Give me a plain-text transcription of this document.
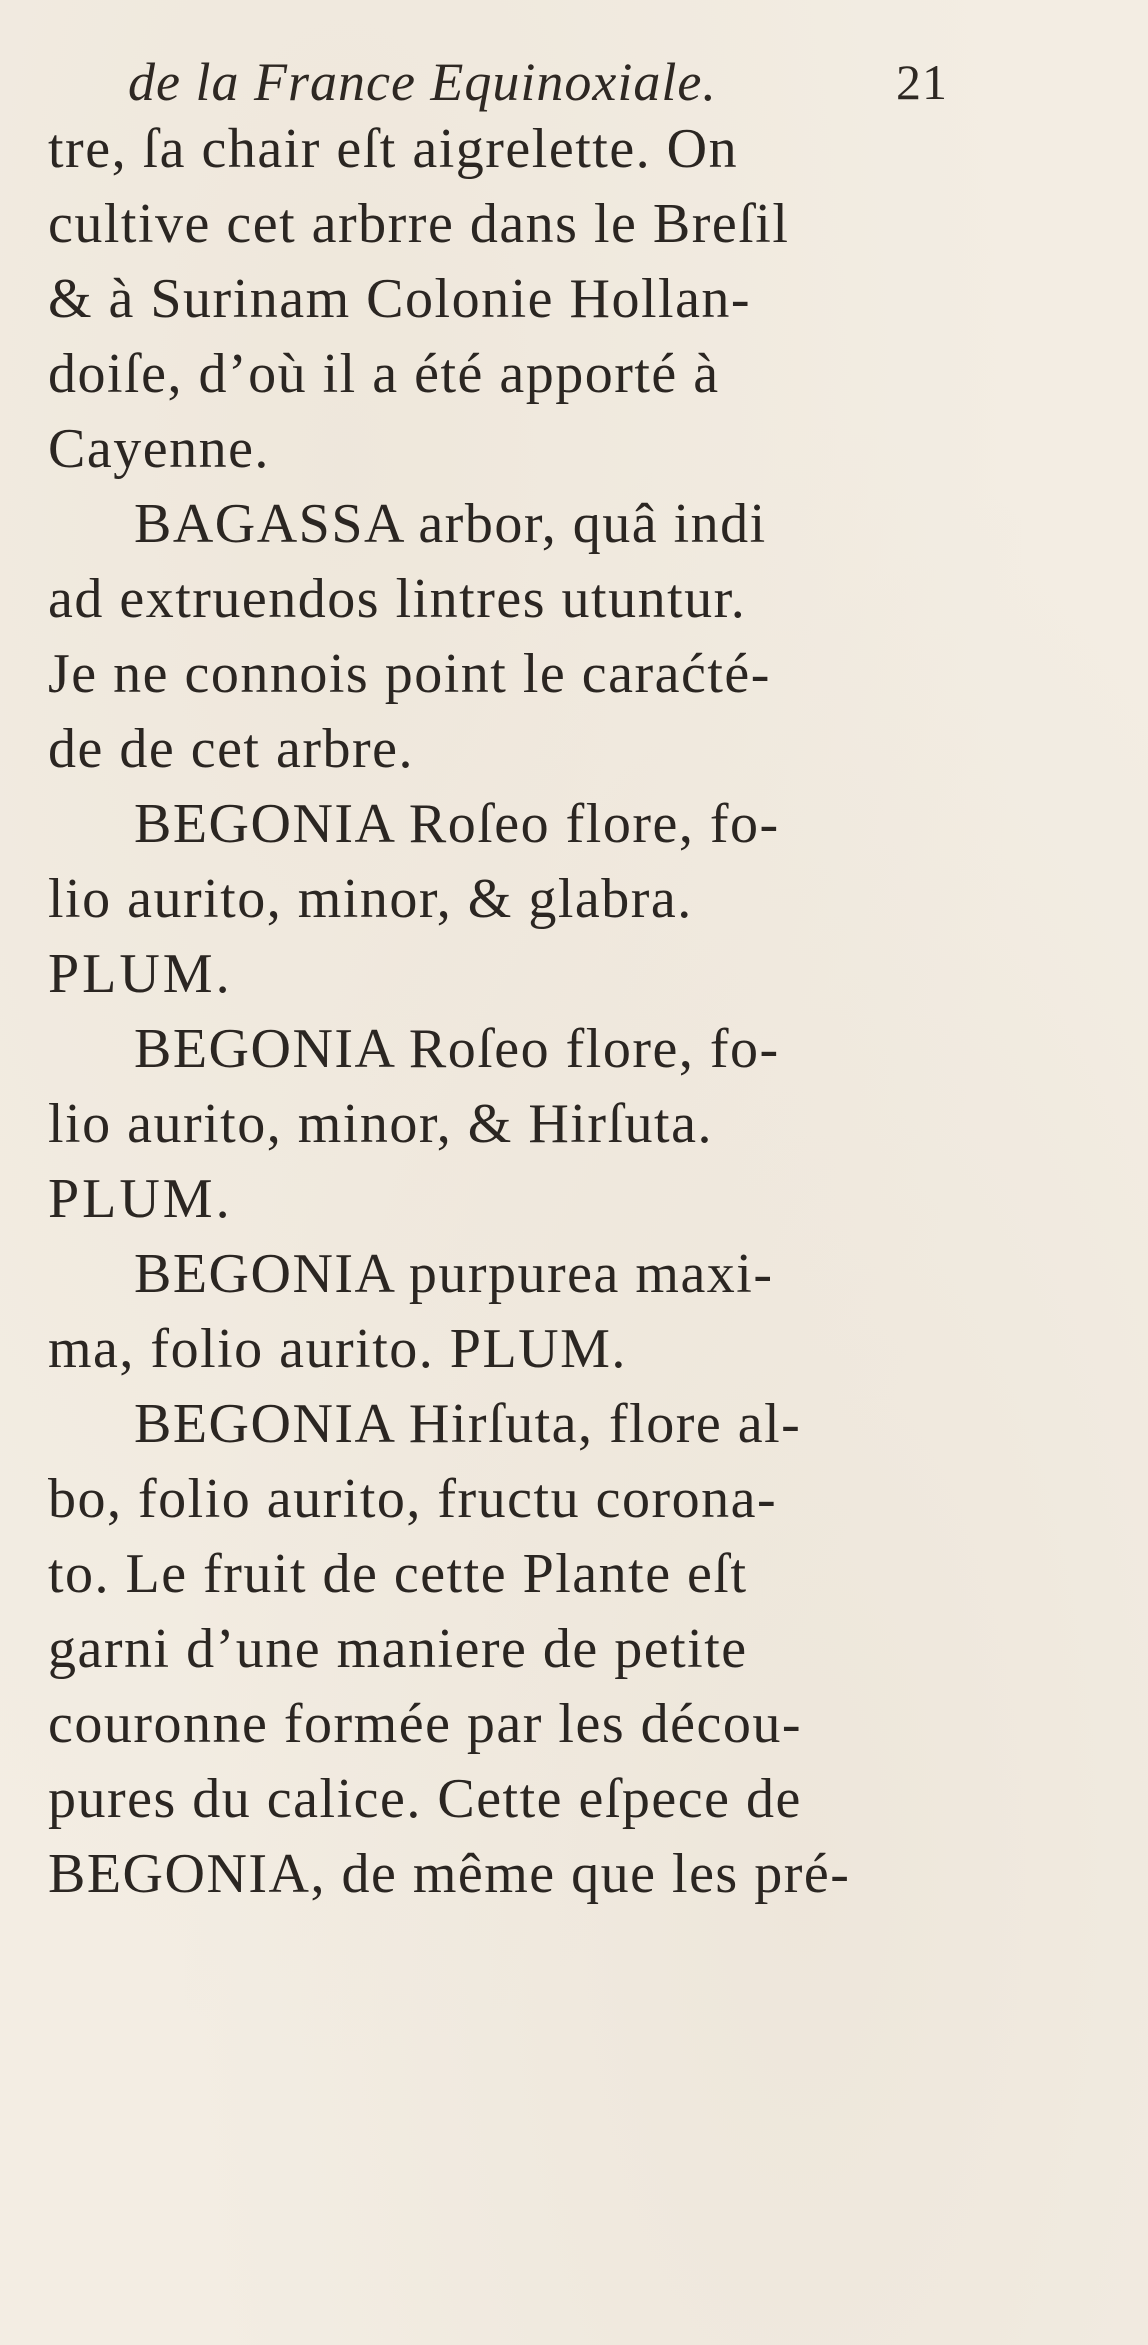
de la France Equinoxiale.	21
tre, ſa chair eſt aigrelette. On
cultive cet arbrre dans le Breſil
& à Surinam Colonie Hollan-
doiſe, d’où il a été apporté à
Cayenne.
BAGASSA arbor, quâ indi
ad extruendos lintres utuntur.
Je ne connois point le caraćté-
de de cet arbre.
BEGONIA Roſeo flore, fo-
lio aurito, minor, & glabra.
PLUM.
BEGONIA Roſeo flore, fo-
lio aurito, minor, & Hirſuta.
PLUM.
BEGONIA purpurea maxi-
ma, folio aurito. PLUM.
BEGONIA Hirſuta, flore al-
bo, folio aurito, fructu corona-
to. Le fruit de cette Plante eſt
garni d’une maniere de petite
couronne formée par les décou-
pures du calice. Cette eſpece de
BEGONIA, de même que les pré-
